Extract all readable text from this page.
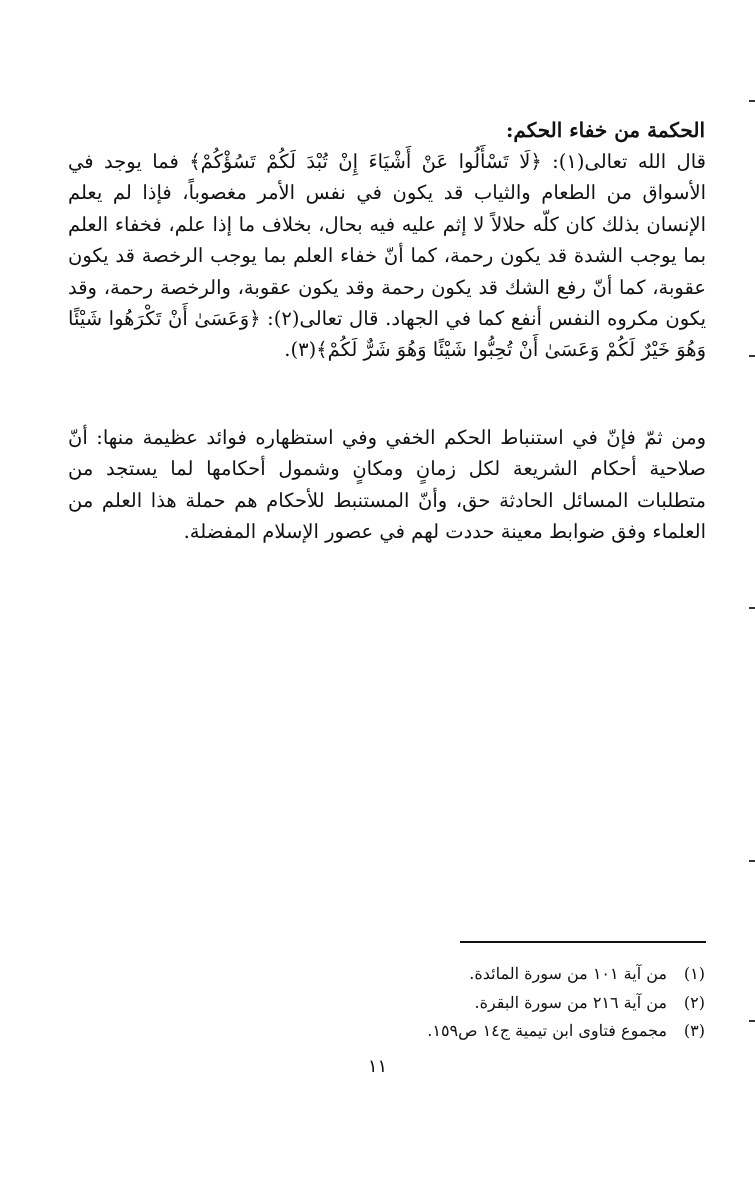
الحكمة من خفاء الحكم:

قال الله تعالى(١): ﴿لَا تَسْأَلُوا عَنْ أَشْيَاءَ إِنْ تُبْدَ لَكُمْ تَسُؤْكُمْ﴾ فما يوجد في الأسواق من الطعام والثياب قد يكون في نفس الأمر مغصوباً، فإذا لم يعلم الإنسان بذلك كان كلّه حلالاً لا إثم عليه فيه بحال، بخلاف ما إذا علم، فخفاء العلم بما يوجب الشدة قد يكون رحمة، كما أنّ خفاء العلم بما يوجب الرخصة قد يكون عقوبة، كما أنّ رفع الشك قد يكون رحمة وقد يكون عقوبة، والرخصة رحمة، وقد يكون مكروه النفس أنفع كما في الجهاد. قال تعالى(٢): ﴿وَعَسَىٰ أَنْ تَكْرَهُوا شَيْئًا وَهُوَ خَيْرٌ لَكُمْ وَعَسَىٰ أَنْ تُحِبُّوا شَيْئًا وَهُوَ شَرٌّ لَكُمْ﴾(٣).

ومن ثمّ فإنّ في استنباط الحكم الخفي وفي استظهاره فوائد عظيمة منها: أنّ صلاحية أحكام الشريعة لكل زمانٍ ومكانٍ وشمول أحكامها لما يستجد من متطلبات المسائل الحادثة حق، وأنّ المستنبط للأحكام هم حملة هذا العلم من العلماء وفق ضوابط معينة حددت لهم في عصور الإسلام المفضلة.

(١)
من آية ١٠١ من سورة المائدة.
(٢)
من آية ٢١٦ من سورة البقرة.
(٣)
مجموع فتاوى ابن تيمية ج١٤ ص١٥٩.
١١
